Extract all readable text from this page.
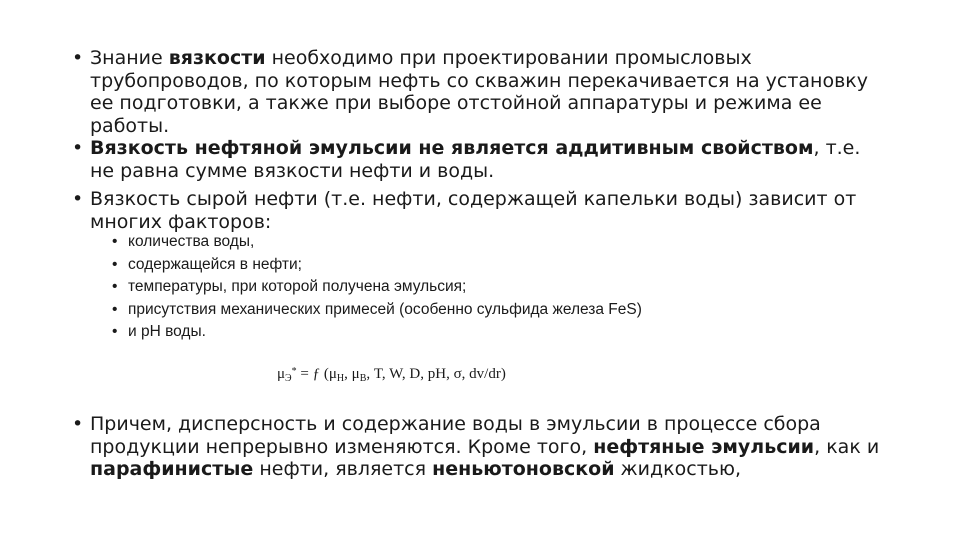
• Знание вязкости необходимо при проектировании промысловых трубопроводов, по которым нефть со скважин перекачивается на установку ее подготовки, а также при выборе отстойной аппаратуры и режима ее работы.
• Вязкость нефтяной эмульсии не является аддитивным свойством, т.е. не равна сумме вязкости нефти и воды.
• Вязкость сырой нефти (т.е. нефти, содержащей капельки воды) зависит от многих факторов:
• количества воды,
• содержащейся в нефти;
• температуры, при которой получена эмульсия;
• присутствия механических примесей (особенно сульфида железа FeS)
• и pH воды.
$\mu_Э^*$ = ƒ ($\mu_Н$, $\mu_В$, T, W, D, pH, σ, dv/dr)
• Причем, дисперсность и содержание воды в эмульсии в процессе сбора продукции непрерывно изменяются. Кроме того, нефтяные эмульсии, как и парафинистые нефти, является неньютоновской жидкостью,
